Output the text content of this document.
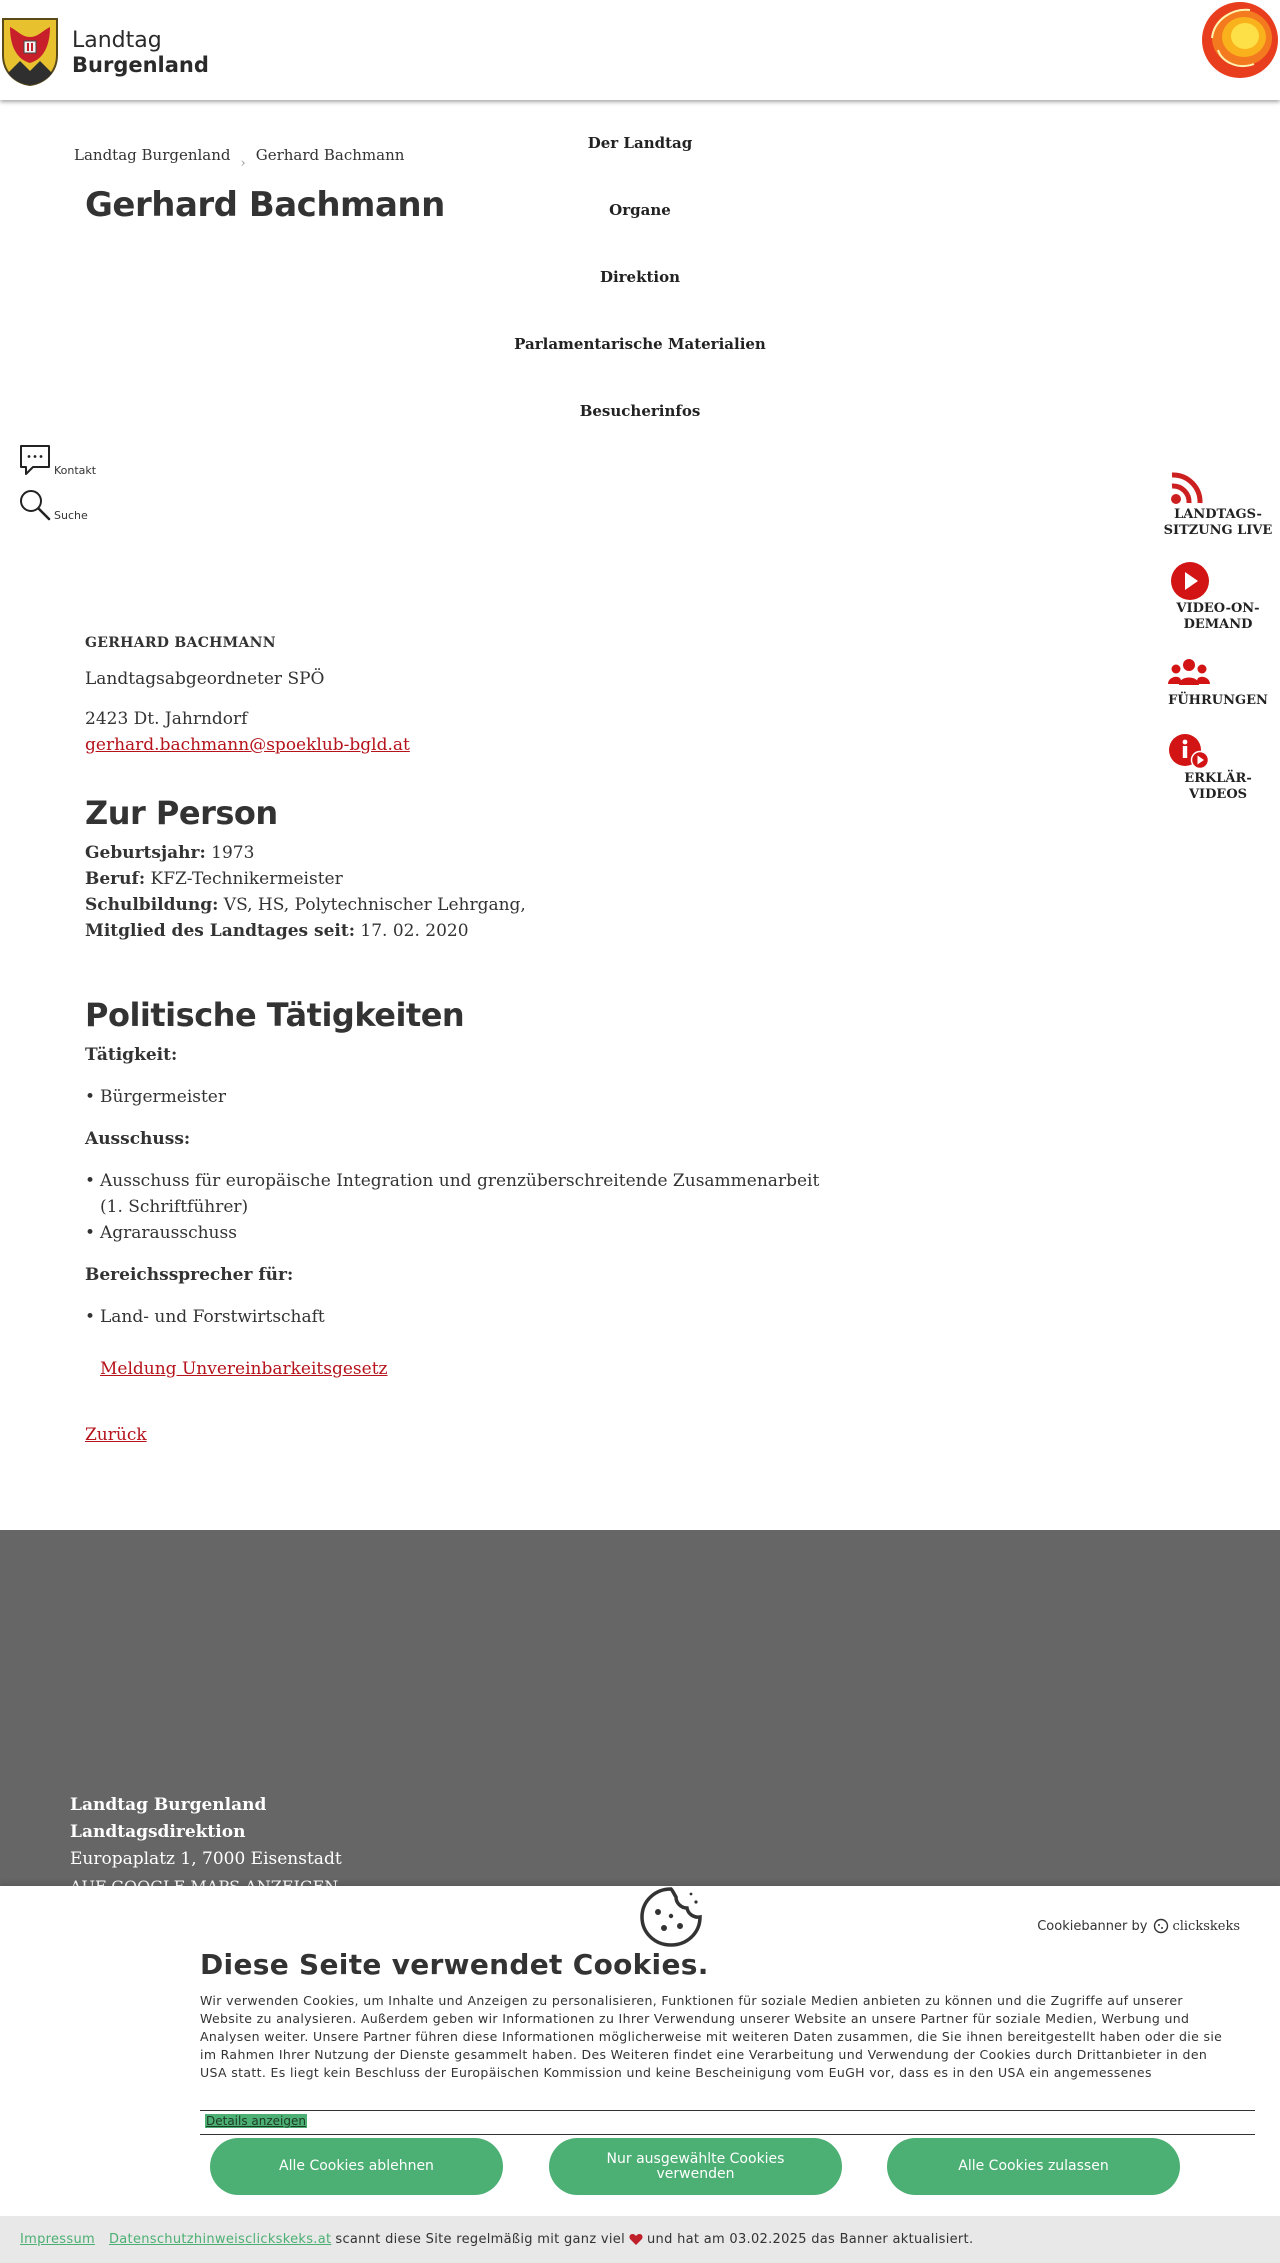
Landtag
Burgenland
Landtag Burgenland › Gerhard Bachmann
Gerhard Bachmann
Der Landtag
Organe
Direktion
Parlamentarische Materialien
Besucherinfos
Kontakt
Suche	LANDTAGS-
SITZUNG LIVE
VIDEO-ON-
DEMAND
FÜHRUNGEN
ERKLÄR-
VIDEOS
GERHARD BACHMANN

Landtagsabgeordneter SPÖ

2423 Dt. Jahrndorf

gerhard.bachmann@spoeklub-bgld.at

Zur Person

Geburtsjahr: 1973

Beruf: KFZ-Technikermeister

Schulbildung: VS, HS, Polytechnischer Lehrgang,

Mitglied des Landtages seit: 17. 02. 2020

Politische Tätigkeiten

Tätigkeit:

• Bürgermeister

Ausschuss:

• Ausschuss für europäische Integration und grenzüberschreitende Zusammenarbeit (1. Schriftführer)
• Agrarausschuss

Bereichssprecher für:

• Land- und Forstwirtschaft

Meldung Unvereinbarkeitsgesetz

Zurück

Landtag Burgenland
Landtagsdirektion
Europaplatz 1, 7000 Eisenstadt
Cookiebanner by clickskeks
Diese Seite verwendet Cookies.
Wir verwenden Cookies, um Inhalte und Anzeigen zu personalisieren, Funktionen für soziale Medien anbieten zu können und die Zugriffe auf unserer Website zu analysieren. Außerdem geben wir Informationen zu Ihrer Verwendung unserer Website an unsere Partner für soziale Medien, Werbung und Analysen weiter. Unsere Partner führen diese Informationen möglicherweise mit weiteren Daten zusammen, die Sie ihnen bereitgestellt haben oder die sie im Rahmen Ihrer Nutzung der Dienste gesammelt haben. Des Weiteren findet eine Verarbeitung und Verwendung der Cookies durch Drittanbieter in den USA statt. Es liegt kein Beschluss der Europäischen Kommission und keine Bescheinigung vom EuGH vor, dass es in den USA ein angemessenes
Details anzeigen
Alle Cookies ablehnen	Nur ausgewählte Cookies verwenden	Alle Cookies zulassen
Impressum Datenschutzhinweis clickskeks.at scannt diese Site regelmäßig mit ganz viel und hat am 03.02.2025 das Banner aktualisiert.
